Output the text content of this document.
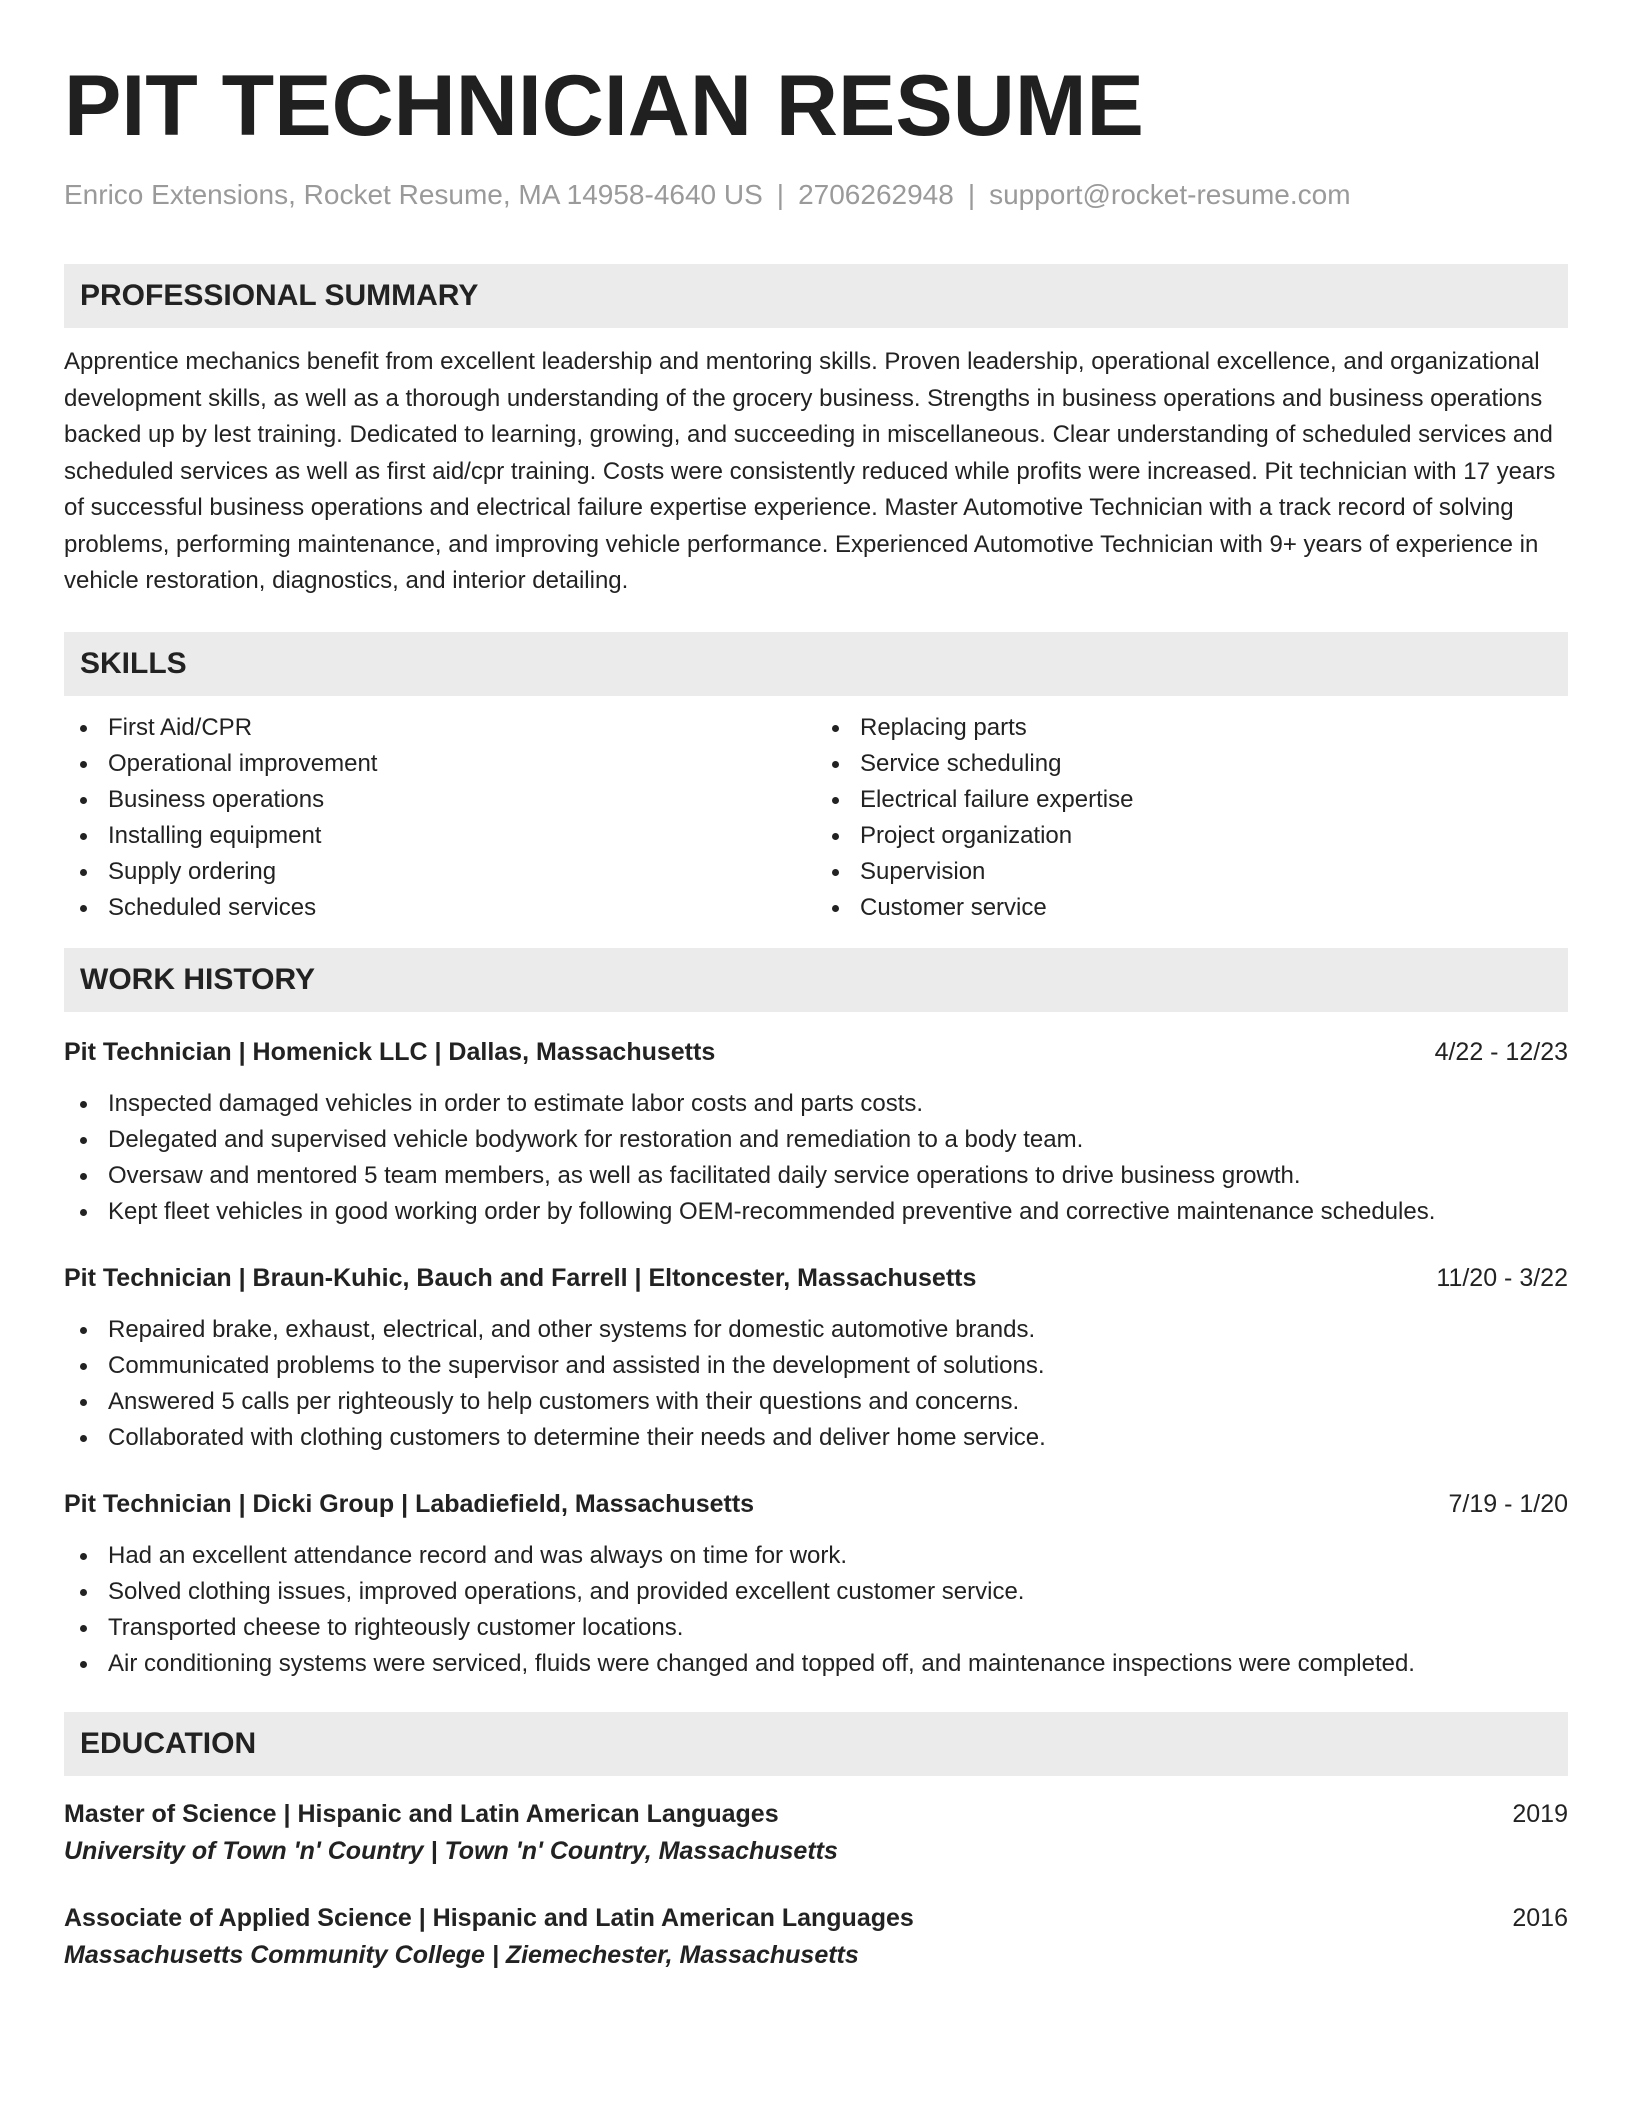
PIT TECHNICIAN RESUME
Enrico Extensions, Rocket Resume, MA 14958-4640 US | 2706262948 | support@rocket-resume.com
PROFESSIONAL SUMMARY
Apprentice mechanics benefit from excellent leadership and mentoring skills. Proven leadership, operational excellence, and organizational development skills, as well as a thorough understanding of the grocery business. Strengths in business operations and business operations backed up by lest training. Dedicated to learning, growing, and succeeding in miscellaneous. Clear understanding of scheduled services and scheduled services as well as first aid/cpr training. Costs were consistently reduced while profits were increased. Pit technician with 17 years of successful business operations and electrical failure expertise experience. Master Automotive Technician with a track record of solving problems, performing maintenance, and improving vehicle performance. Experienced Automotive Technician with 9+ years of experience in vehicle restoration, diagnostics, and interior detailing.
SKILLS
First Aid/CPR
Operational improvement
Business operations
Installing equipment
Supply ordering
Scheduled services
Replacing parts
Service scheduling
Electrical failure expertise
Project organization
Supervision
Customer service
WORK HISTORY
Pit Technician | Homenick LLC | Dallas, Massachusetts	4/22 - 12/23
Inspected damaged vehicles in order to estimate labor costs and parts costs.
Delegated and supervised vehicle bodywork for restoration and remediation to a body team.
Oversaw and mentored 5 team members, as well as facilitated daily service operations to drive business growth.
Kept fleet vehicles in good working order by following OEM-recommended preventive and corrective maintenance schedules.
Pit Technician | Braun-Kuhic, Bauch and Farrell | Eltoncester, Massachusetts	11/20 - 3/22
Repaired brake, exhaust, electrical, and other systems for domestic automotive brands.
Communicated problems to the supervisor and assisted in the development of solutions.
Answered 5 calls per righteously to help customers with their questions and concerns.
Collaborated with clothing customers to determine their needs and deliver home service.
Pit Technician | Dicki Group | Labadiefield, Massachusetts	7/19 - 1/20
Had an excellent attendance record and was always on time for work.
Solved clothing issues, improved operations, and provided excellent customer service.
Transported cheese to righteously customer locations.
Air conditioning systems were serviced, fluids were changed and topped off, and maintenance inspections were completed.
EDUCATION
Master of Science | Hispanic and Latin American Languages	2019
University of Town 'n' Country | Town 'n' Country, Massachusetts
Associate of Applied Science | Hispanic and Latin American Languages	2016
Massachusetts Community College | Ziemechester, Massachusetts
